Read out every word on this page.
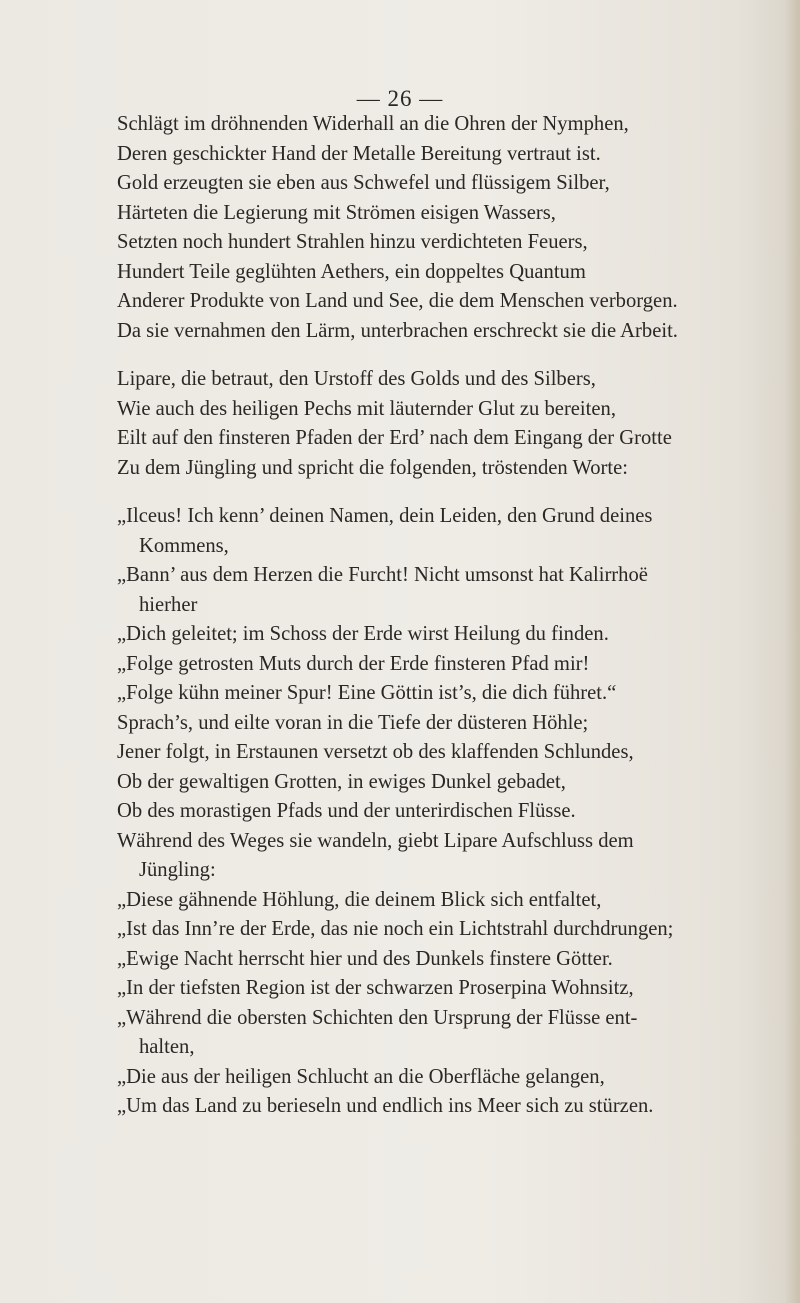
— 26 —
Schlägt im dröhnenden Widerhall an die Ohren der Nymphen,
Deren geschickter Hand der Metalle Bereitung vertraut ist.
Gold erzeugten sie eben aus Schwefel und flüssigem Silber,
Härteten die Legierung mit Strömen eisigen Wassers,
Setzten noch hundert Strahlen hinzu verdichteten Feuers,
Hundert Teile geglühten Aethers, ein doppeltes Quantum
Anderer Produkte von Land und See, die dem Menschen verborgen.
Da sie vernahmen den Lärm, unterbrachen erschreckt sie die Arbeit.
Lipare, die betraut, den Urstoff des Golds und des Silbers,
Wie auch des heiligen Pechs mit läuternder Glut zu bereiten,
Eilt auf den finsteren Pfaden der Erd’ nach dem Eingang der Grotte
Zu dem Jüngling und spricht die folgenden, tröstenden Worte:
„Ilceus! Ich kenn’ deinen Namen, dein Leiden, den Grund deines
Kommens,
„Bann’ aus dem Herzen die Furcht! Nicht umsonst hat Kalirrhoë
hierher
„Dich geleitet; im Schoss der Erde wirst Heilung du finden.
„Folge getrosten Muts durch der Erde finsteren Pfad mir!
„Folge kühn meiner Spur! Eine Göttin ist’s, die dich führet.“
Sprach’s, und eilte voran in die Tiefe der düsteren Höhle;
Jener folgt, in Erstaunen versetzt ob des klaffenden Schlundes,
Ob der gewaltigen Grotten, in ewiges Dunkel gebadet,
Ob des morastigen Pfads und der unterirdischen Flüsse.
Während des Weges sie wandeln, giebt Lipare Aufschluss dem
Jüngling:
„Diese gähnende Höhlung, die deinem Blick sich entfaltet,
„Ist das Inn’re der Erde, das nie noch ein Lichtstrahl durchdrungen;
„Ewige Nacht herrscht hier und des Dunkels finstere Götter.
„In der tiefsten Region ist der schwarzen Proserpina Wohnsitz,
„Während die obersten Schichten den Ursprung der Flüsse ent-
halten,
„Die aus der heiligen Schlucht an die Oberfläche gelangen,
„Um das Land zu berieseln und endlich ins Meer sich zu stürzen.
